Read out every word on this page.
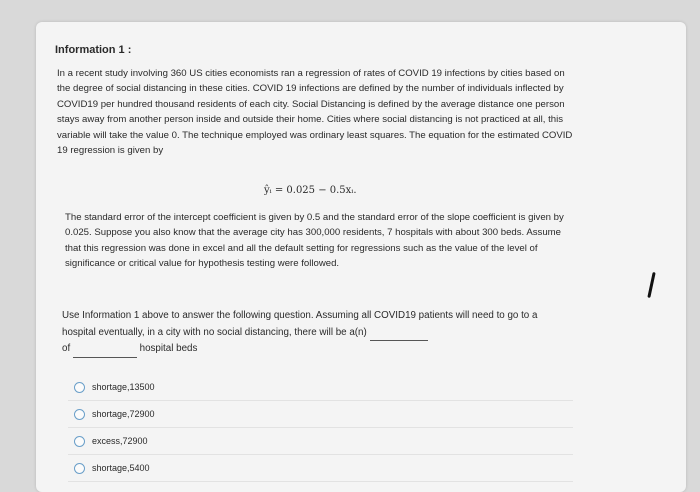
Information 1 :

In a recent study involving 360 US cities economists ran a regression of rates of COVID 19 infections by cities based on the degree of social distancing in these cities. COVID 19 infections are defined by the number of individuals inflected by COVID19 per hundred thousand residents of each city. Social Distancing is defined by the average distance one person stays away from another person inside and outside their home. Cities where social distancing is not practiced at all, this variable will take the value 0. The technique employed was ordinary least squares. The equation for the estimated COVID 19 regression is given by

ŷᵢ = 0.025 − 0.5xᵢ.

The standard error of the intercept coefficient is given by 0.5 and the standard error of the slope coefficient is given by 0.025. Suppose you also know that the average city has 300,000 residents, 7 hospitals with about 300 beds. Assume that this regression was done in excel and all the default setting for regressions such as the value of the level of significance or critical value for hypothesis testing were followed.

Use Information 1 above to answer the following question. Assuming all COVID19 patients will need to go to a hospital eventually, in a city with no social distancing, there will be a(n)
of	hospital beds

shortage,13500
shortage,72900
excess,72900
shortage,5400
